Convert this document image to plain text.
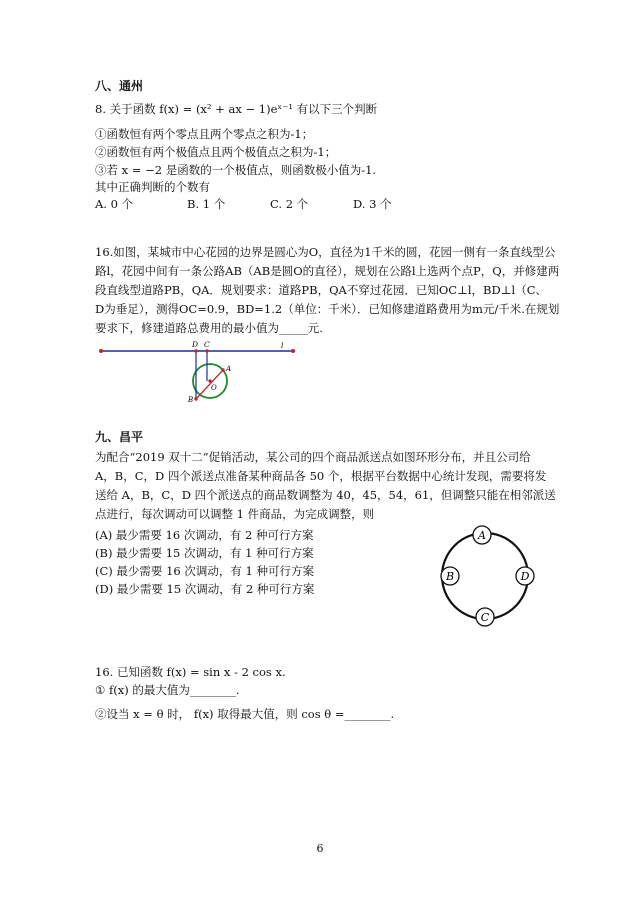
八、通州
8. 关于函数 f(x) = (x² + ax − 1)eˣ⁻¹ 有以下三个判断
①函数恒有两个零点且两个零点之积为-1；
②函数恒有两个极值点且两个极值点之积为-1；
③若 x = −2 是函数的一个极值点，则函数极小值为-1.
其中正确判断的个数有
A. 0 个	B. 1 个	C. 2 个	D. 3 个
16.如图，某城市中心花园的边界是圆心为O，直径为1千米的圆，花园一侧有一条直线型公
路l，花园中间有一条公路AB（AB是圆O的直径），规划在公路l上选两个点P，Q，并修建两
段直线型道路PB，QA．规划要求：道路PB，QA不穿过花园．已知OC⊥l，BD⊥l（C、
D为垂足），测得OC=0.9，BD=1.2（单位：千米）．已知修建道路费用为m元/千米.在规划
要求下，修建道路总费用的最小值为_____元.
D C	l
A
O
B
九、昌平
为配合“2019 双十二”促销活动，某公司的四个商品派送点如图环形分布，并且公司给
A，B，C，D 四个派送点准备某种商品各 50 个，根据平台数据中心统计发现，需要将发
送给 A，B，C，D 四个派送点的商品数调整为 40，45，54，61，但调整只能在相邻派送
点进行，每次调动可以调整 1 件商品，为完成调整，则
(A) 最少需要 16 次调动，有 2 种可行方案
(B) 最少需要 15 次调动，有 1 种可行方案
(C) 最少需要 16 次调动，有 1 种可行方案
(D) 最少需要 15 次调动，有 2 种可行方案
A
B
C
D
16. 已知函数 f(x) = sin x - 2 cos x.
① f(x) 的最大值为________.
②设当 x = θ 时， f(x) 取得最大值，则 cos θ =________.
6
